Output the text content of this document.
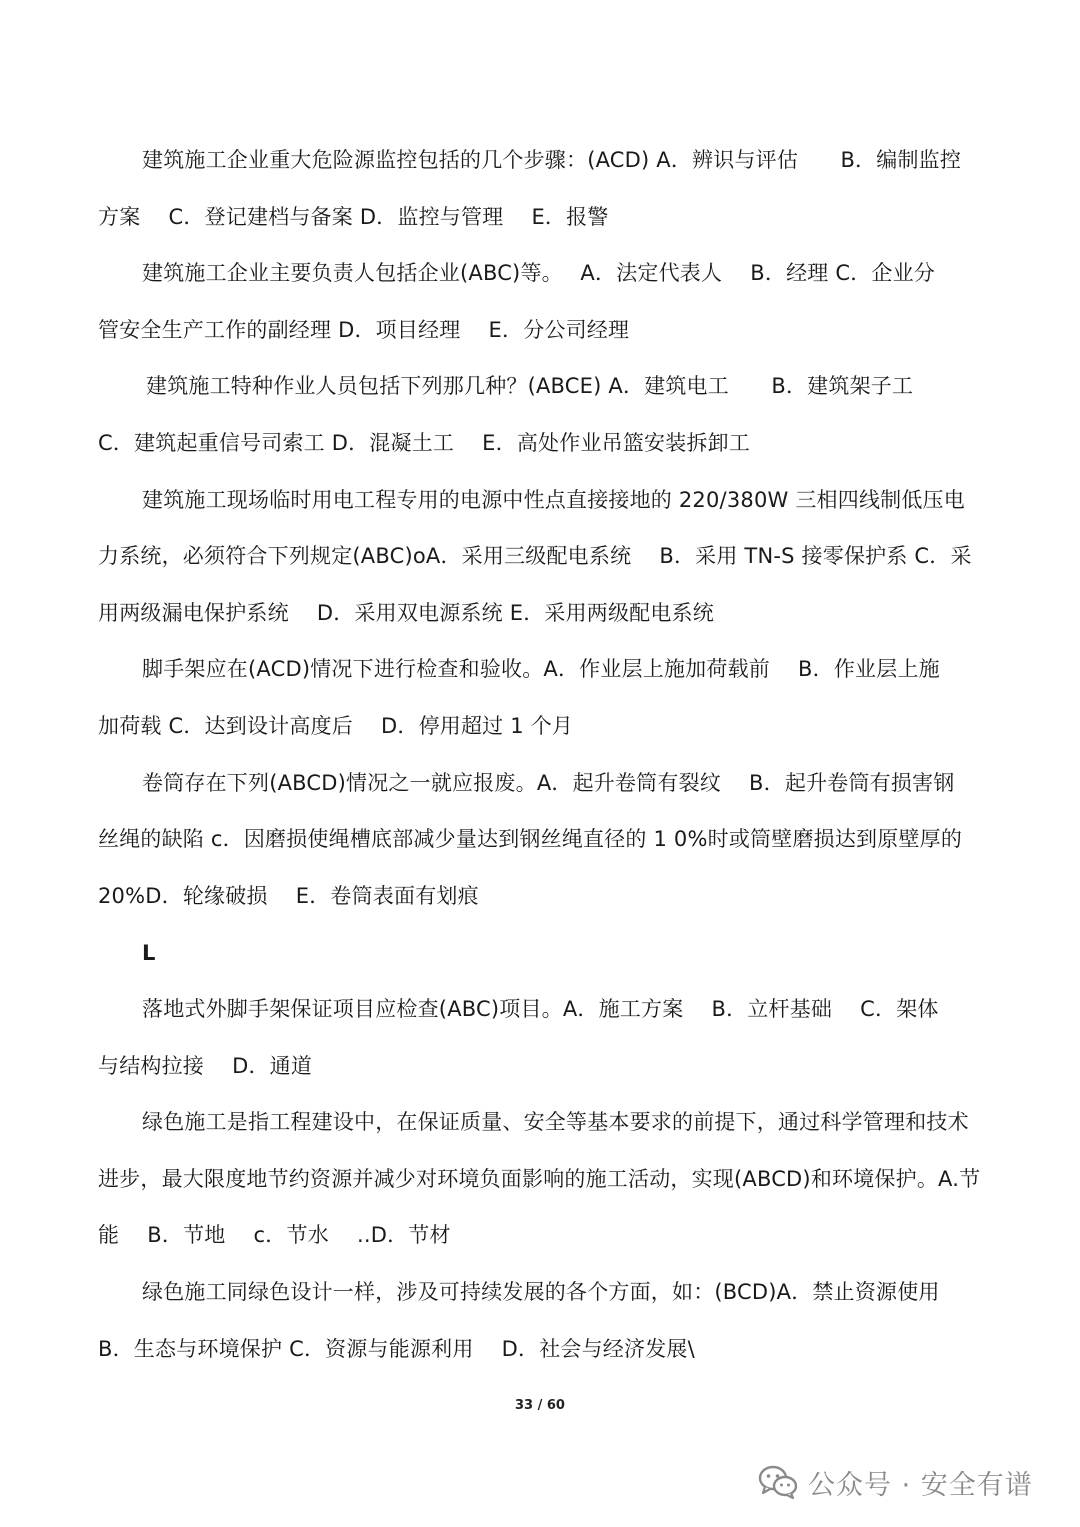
建筑施工企业重大危险源监控包括的几个步骤：(ACD) A．辨识与评估　　B．编制监控
方案　 C．登记建档与备案 D．监控与管理　 E．报警
建筑施工企业主要负责人包括企业(ABC)等。　 A．法定代表人　 B．经理 C．企业分
管安全生产工作的副经理 D．项目经理　 E．分公司经理
建筑施工特种作业人员包括下列那几种？(ABCE) A．建筑电工　　B．建筑架子工
C．建筑起重信号司索工 D．混凝土工　 E．高处作业吊篮安装拆卸工
建筑施工现场临时用电工程专用的电源中性点直接接地的 220/380W 三相四线制低压电
力系统，必须符合下列规定(ABC)oA．采用三级配电系统　 B．采用 TN-S 接零保护系 C．采
用两级漏电保护系统　 D．采用双电源系统 E．采用两级配电系统
脚手架应在(ACD)情况下进行检查和验收。A．作业层上施加荷载前　 B．作业层上施
加荷载 C．达到设计高度后　 D．停用超过 1 个月
卷筒存在下列(ABCD)情况之一就应报废。A．起升卷筒有裂纹　 B．起升卷筒有损害钢
丝绳的缺陷 c．因磨损使绳槽底部减少量达到钢丝绳直径的 1 0%时或筒壁磨损达到原壁厚的
20%D．轮缘破损　 E．卷筒表面有划痕
L
落地式外脚手架保证项目应检查(ABC)项目。A．施工方案　 B．立杆基础　 C．架体
与结构拉接　 D．通道
绿色施工是指工程建设中，在保证质量、安全等基本要求的前提下，通过科学管理和技术
进步，最大限度地节约资源并减少对环境负面影响的施工活动，实现(ABCD)和环境保护。A.节
能　 B．节地　 c．节水　 ..D．节材
绿色施工同绿色设计一样，涉及可持续发展的各个方面，如：(BCD)A．禁止资源使用
B．生态与环境保护 C．资源与能源利用　 D．社会与经济发展\
33 / 60
公众号 · 安全有谱
